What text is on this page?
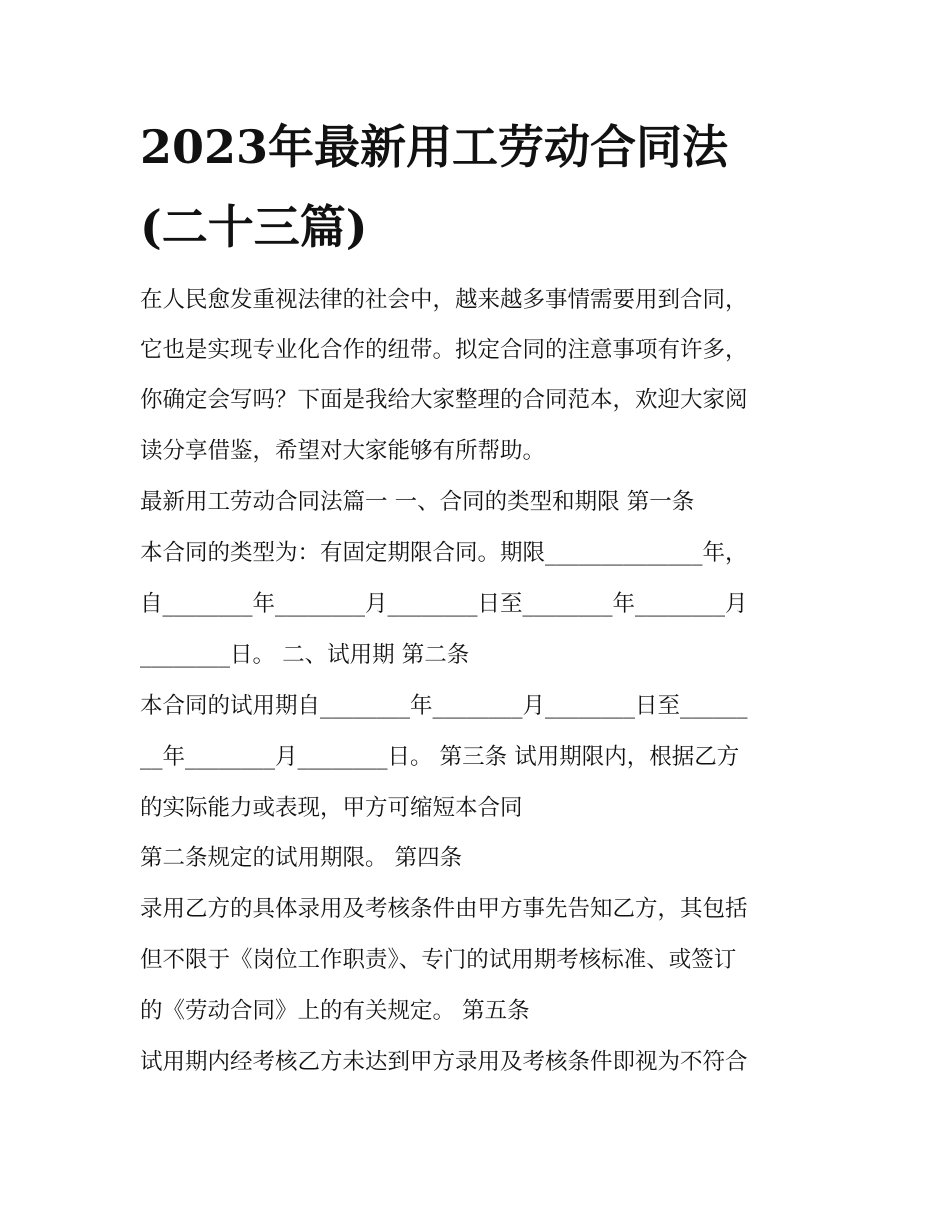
2023年最新用工劳动合同法
(二十三篇)
在人民愈发重视法律的社会中，越来越多事情需要用到合同，
它也是实现专业化合作的纽带。拟定合同的注意事项有许多，
你确定会写吗？下面是我给大家整理的合同范本，欢迎大家阅
读分享借鉴，希望对大家能够有所帮助。
最新用工劳动合同法篇一 一、合同的类型和期限 第一条
本合同的类型为：有固定期限合同。期限______________年，
自________年________月________日至________年________月
________日。 二、试用期 第二条
本合同的试用期自________年________月________日至______
__年________月________日。 第三条 试用期限内，根据乙方
的实际能力或表现，甲方可缩短本合同
第二条规定的试用期限。 第四条
录用乙方的具体录用及考核条件由甲方事先告知乙方，其包括
但不限于《岗位工作职责》、专门的试用期考核标准、或签订
的《劳动合同》上的有关规定。 第五条
试用期内经考核乙方未达到甲方录用及考核条件即视为不符合
